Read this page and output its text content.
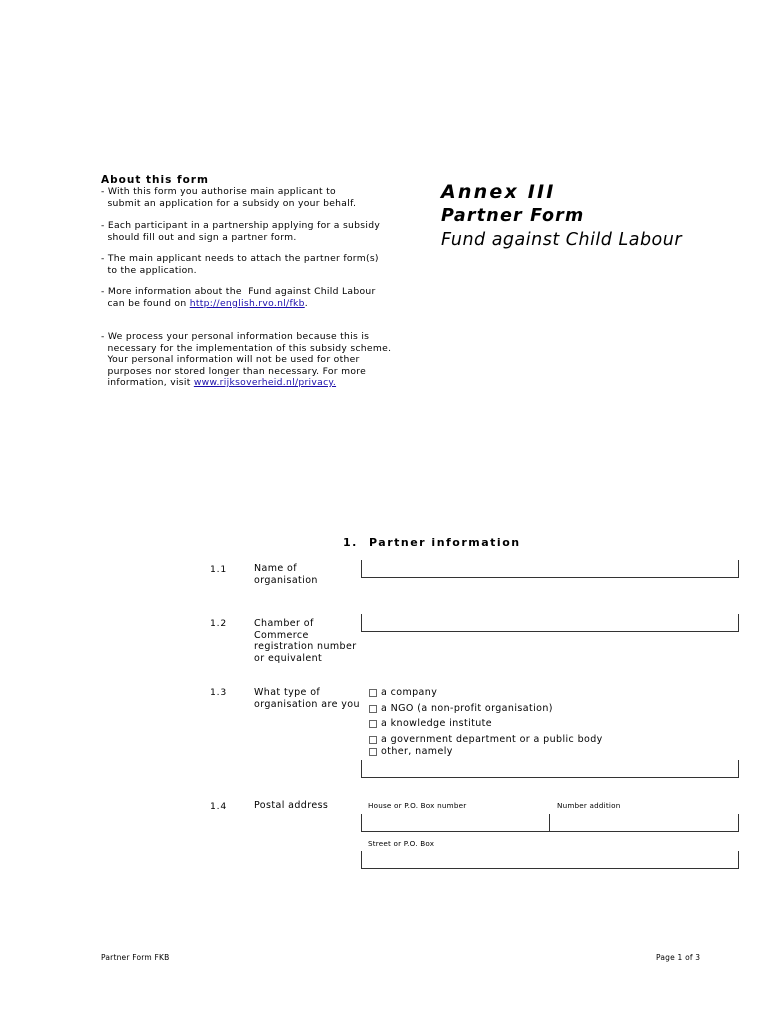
About this form
- With this form you authorise main applicant to
submit an application for a subsidy on your behalf.
- Each participant in a partnership applying for a subsidy
should fill out and sign a partner form.
- The main applicant needs to attach the partner form(s)
to the application.
- More information about the  Fund against Child Labour
can be found on http://english.rvo.nl/fkb.
- We process your personal information because this is
necessary for the implementation of this subsidy scheme.
Your personal information will not be used for other
purposes nor stored longer than necessary. For more
information, visit www.rijksoverheid.nl/privacy.
Annex III
Partner Form
Fund against Child Labour
1. Partner information
1.1	Name of
organisation
1.2	Chamber of
Commerce
registration number
or equivalent
1.3	What type of
organisation are you
a company
a NGO (a non-profit organisation)
a knowledge institute
a government department or a public body
other, namely
1.4	Postal address	House or P.O. Box number	Number addition
Street or P.O. Box
Partner Form FKB	Page 1 of 3
